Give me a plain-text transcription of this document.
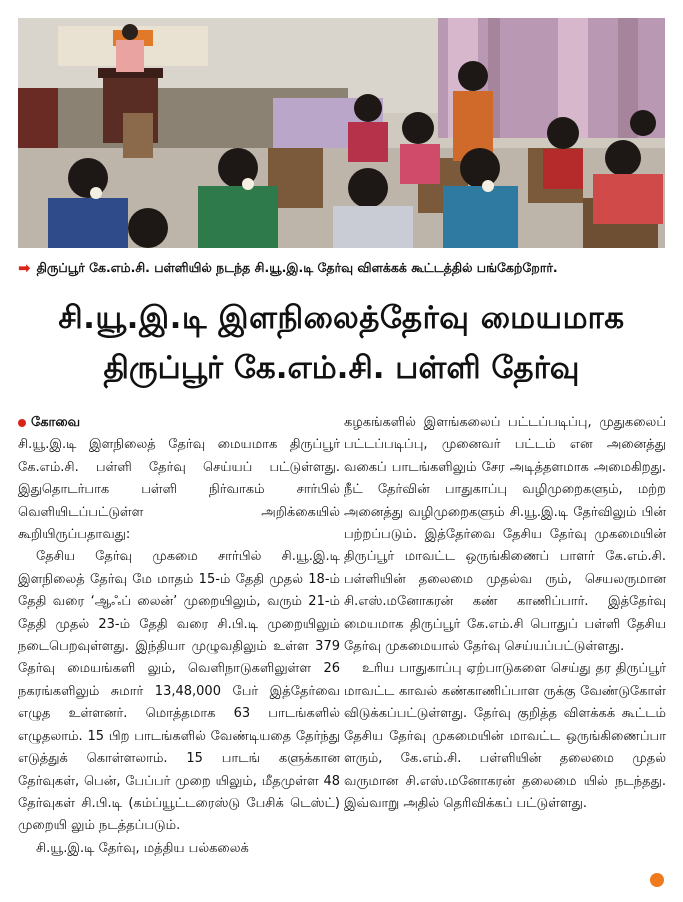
➡ திருப்பூர் கே.எம்.சி. பள்ளியில் நடந்த சி.யூ.இ.டி தேர்வு விளக்கக் கூட்டத்தில் பங்கேற்றோர்.
சி.யூ.இ.டி இளநிலைத்தேர்வு மையமாக
திருப்பூர் கே.எம்.சி. பள்ளி தேர்வு
கோவை

சி.யூ.இ.டி இளநிலைத் தேர்வு மையமாக திருப்பூர் கே.எம்.சி. பள்ளி தேர்வு செய்யப் பட்டுள்ளது. இதுதொடர்பாக பள்ளி நிர்வாகம் சார்பில் வெளியிடப்பட்டுள்ள அறிக்கையில் கூறியிருப்பதாவது:

தேசிய தேர்வு முகமை சார்பில் சி.யூ.இ.டி இளநிலைத் தேர்வு மே மாதம் 15-ம் தேதி முதல் 18-ம் தேதி வரை ‘ஆஃப் லைன்’ முறையிலும், வரும் 21-ம் தேதி முதல் 23-ம் தேதி வரை சி.பி.டி முறையிலும் நடைபெறவுள்ளது. இந்தியா முழுவதிலும் உள்ள 379 தேர்வு மையங்களி லும், வெளிநாடுகளிலுள்ள 26 நகரங்களிலும் சுமார் 13,48,000 பேர் இத்தேர்வை எழுத உள்ளனர். மொத்தமாக 63 பாடங்களில் எழுதலாம். 15 பிற பாடங்களில் வேண்டியதை தேர்ந்து எடுத்துக் கொள்ளலாம். 15 பாடங் களுக்கான தேர்வுகள், பென், பேப்பர் முறை யிலும், மீதமுள்ள 48 தேர்வுகள் சி.பி.டி (கம்ப்யூட்டரைஸ்டு பேசிக் டெஸ்ட்) முறையி லும் நடத்தப்படும்.

சி.யூ.இ.டி தேர்வு, மத்திய பல்கலைக்

கழகங்களில் இளங்கலைப் பட்டப்படிப்பு, முதுகலைப் பட்டப்படிப்பு, முனைவர் பட்டம் என அனைத்து வகைப் பாடங்களிலும் சேர அடித்தளமாக அமைகிறது. நீட் தேர்வின் பாதுகாப்பு வழிமுறைகளும், மற்ற அனைத்து வழிமுறைகளும் சி.யூ.இ.டி தேர்விலும் பின் பற்றப்படும். இத்தேர்வை தேசிய தேர்வு முகமையின் திருப்பூர் மாவட்ட ஒருங்கிணைப் பாளர் கே.எம்.சி. பள்ளியின் தலைமை முதல்வ ரும், செயலருமான சி.எஸ்.மனோகரன் கண் காணிப்பார். இத்தேர்வு மையமாக திருப்பூர் கே.எம்.சி பொதுப் பள்ளி தேசிய தேர்வு முகமையால் தேர்வு செய்யப்பட்டுள்ளது.

உரிய பாதுகாப்பு ஏற்பாடுகளை செய்து தர திருப்பூர் மாவட்ட காவல் கண்காணிப்பாள ருக்கு வேண்டுகோள் விடுக்கப்பட்டுள்ளது. தேர்வு குறித்த விளக்கக் கூட்டம் தேசிய தேர்வு முகமையின் மாவட்ட ஒருங்கிணைப்பா ளரும், கே.எம்.சி. பள்ளியின் தலைமை முதல் வருமான சி.எஸ்.மனோகரன் தலைமை யில் நடந்தது. இவ்வாறு அதில் தெரிவிக்கப் பட்டுள்ளது.
